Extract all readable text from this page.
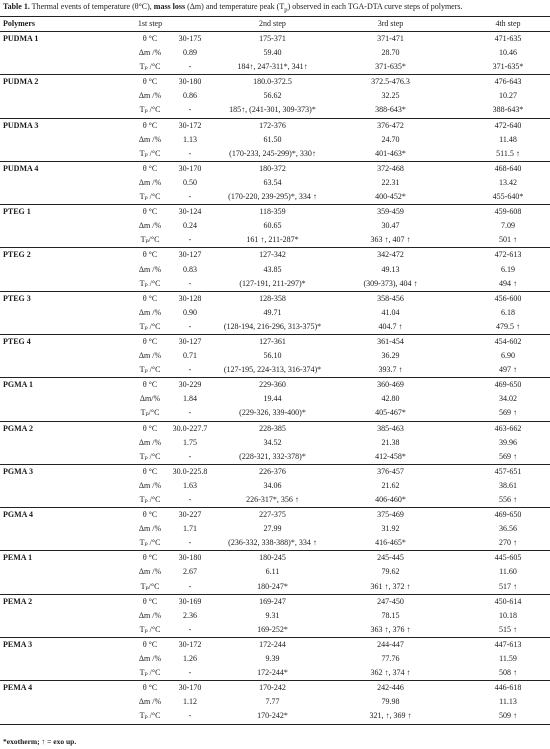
Table 1. Thermal events of temperature (θ°C), mass loss (Δm) and temperature peak $(T_p)$ observed in each TGA-DTA curve steps of polymers.
Polymers	1st step	2nd step	3rd step	4th step
PUDMA 1	θ °C	30-175	175-371	371-471	471-635
Δm /%	0.89	59.40	28.70	10.46
Tₚ /°C	-	184↑, 247-311*, 341↑	371-635*	371-635*
PUDMA 2	θ °C	30-180	180.0-372.5	372.5-476.3	476-643
Δm /%	0.86	56.62	32.25	10.27
Tₚ /°C	-	185↑, (241-301, 309-373)*	388-643*	388-643*
PUDMA 3	θ °C	30-172	172-376	376-472	472-640
Δm /%	1.13	61.50	24.70	11.48
Tₚ /°C	-	(170-233, 245-299)*, 330↑	401-463*	511.5 ↑
PUDMA 4	θ °C	30-170	180-372	372-468	468-640
Δm /%	0.50	63.54	22.31	13.42
Tₚ /°C	-	(170-220, 239-295)*, 334 ↑	400-452*	455-640*
PTEG 1	θ °C	30-124	118-359	359-459	459-608
Δm /%	0.24	60.65	30.47	7.09
Tₚ/°C	-	161 ↑, 211-287*	363 ↑, 407 ↑	501 ↑
PTEG 2	θ °C	30-127	127-342	342-472	472-613
Δm /%	0.83	43.85	49.13	6.19
Tₚ /°C	-	(127-191, 211-297)*	(309-373), 404 ↑	494 ↑
PTEG 3	θ °C	30-128	128-358	358-456	456-600
Δm /%	0.90	49.71	41.04	6.18
Tₚ /°C	-	(128-194, 216-296, 313-375)*	404.7 ↑	479.5 ↑
PTEG 4	θ °C	30-127	127-361	361-454	454-602
Δm /%	0.71	56.10	36.29	6.90
Tₚ /°C	-	(127-195, 224-313, 316-374)*	393.7 ↑	497 ↑
PGMA 1	θ °C	30-229	229-360	360-469	469-650
Δm/%	1.84	19.44	42.80	34.02
Tₚ/°C	-	(229-326, 339-400)*	405-467*	569 ↑
PGMA 2	θ °C	30.0-227.7	228-385	385-463	463-662
Δm /%	1.75	34.52	21.38	39.96
Tₚ /°C	-	(228-321, 332-378)*	412-458*	569 ↑
PGMA 3	θ °C	30.0-225.8	226-376	376-457	457-651
Δm /%	1.63	34.06	21.62	38.61
Tₚ /°C	-	226-317*, 356 ↑	406-460*	556 ↑
PGMA 4	θ °C	30-227	227-375	375-469	469-650
Δm /%	1.71	27.99	31.92	36.56
Tₚ /°C	-	(236-332, 338-388)*, 334 ↑	416-465*	270 ↑
PEMA 1	θ °C	30-180	180-245	245-445	445-605
Δm /%	2.67	6.11	79.62	11.60
Tₚ/°C	-	180-247*	361 ↑, 372 ↑	517 ↑
PEMA 2	θ °C	30-169	169-247	247-450	450-614
Δm /%	2.36	9.31	78.15	10.18
Tₚ /°C	-	169-252*	363 ↑, 376 ↑	515 ↑
PEMA 3	θ °C	30-172	172-244	244-447	447-613
Δm /%	1.26	9.39	77.76	11.59
Tₚ /°C	-	172-244*	362 ↑, 374 ↑	508 ↑
PEMA 4	θ °C	30-170	170-242	242-446	446-618
Δm /%	1.12	7.77	79.98	11.13
Tₚ /°C	-	170-242*	321, ↑, 369 ↑	509 ↑
*exotherm; ↑ = exo up.
